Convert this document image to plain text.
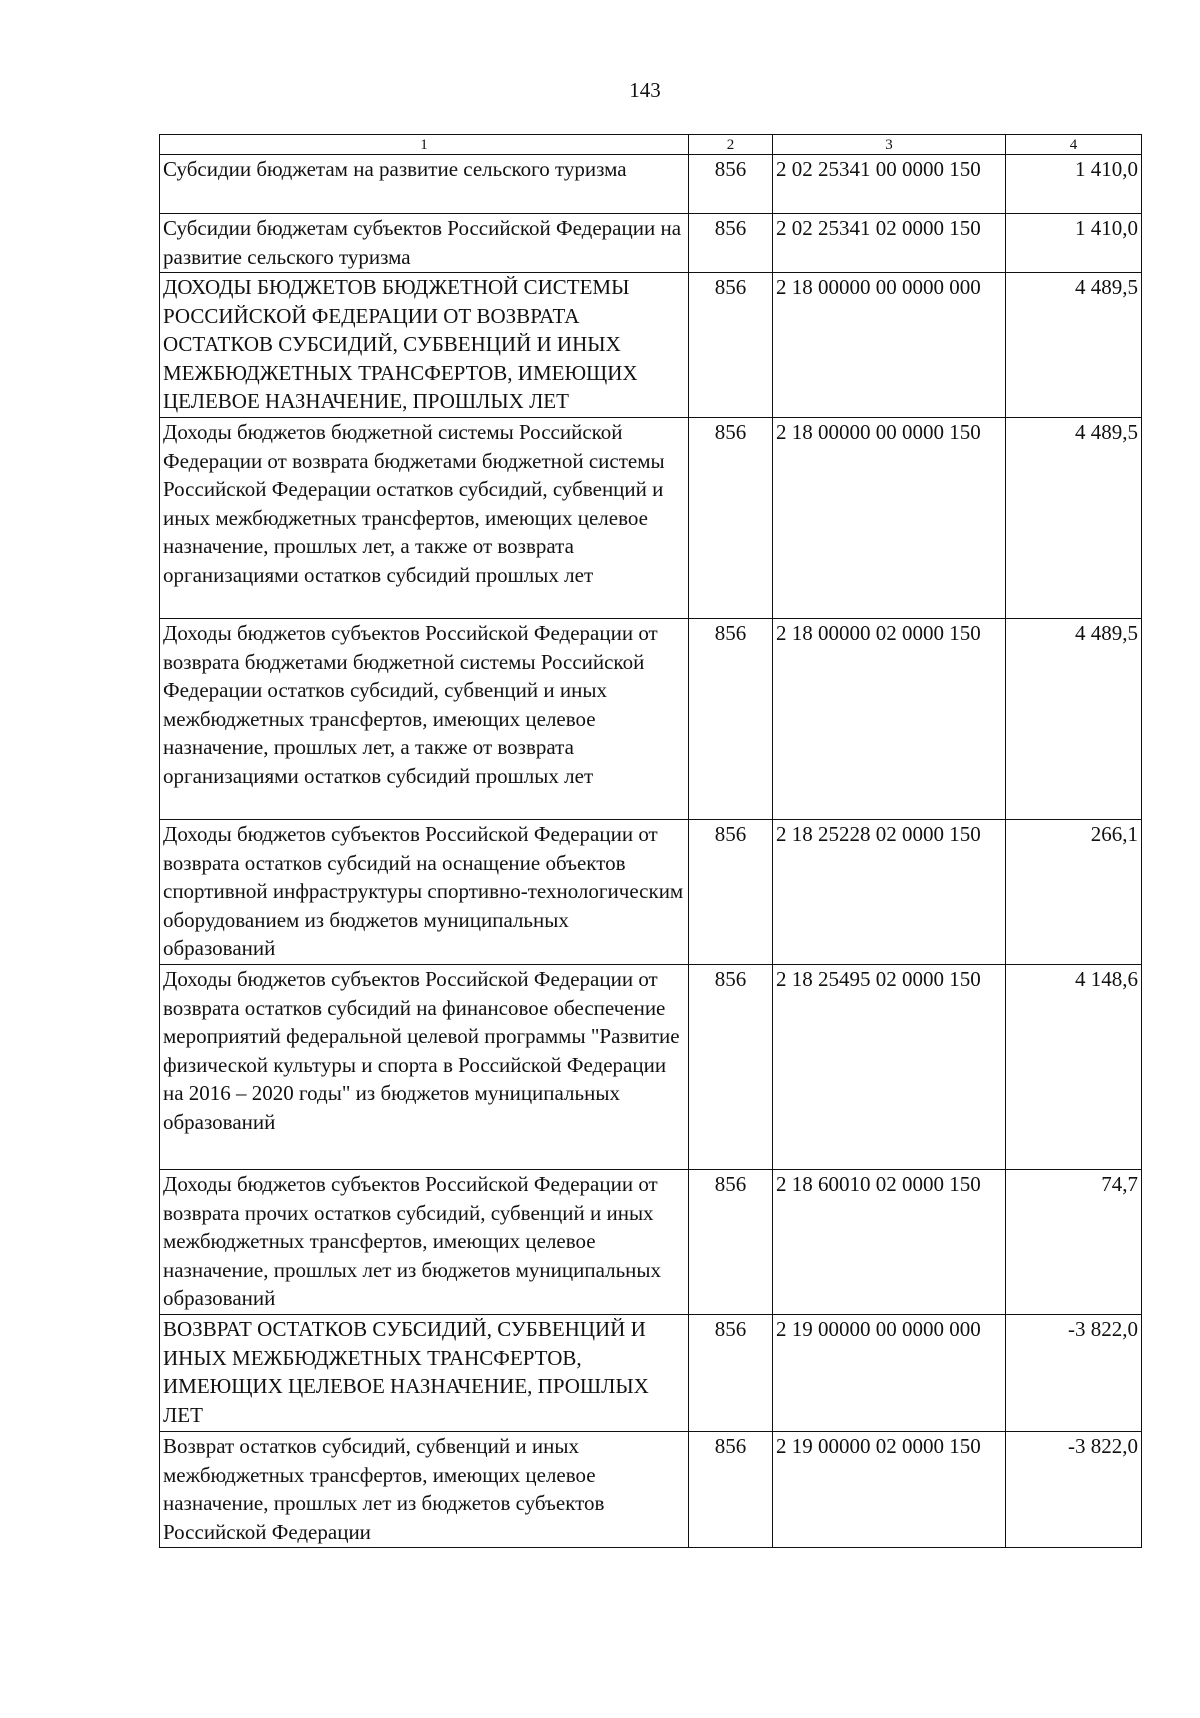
143
1	2	3	4
Субсидии бюджетам на развитие сельского туризма	856	2 02 25341 00 0000 150	1 410,0
Субсидии бюджетам субъектов Российской Федерации на развитие сельского туризма	856	2 02 25341 02 0000 150	1 410,0
ДОХОДЫ БЮДЖЕТОВ БЮДЖЕТНОЙ СИСТЕМЫ РОССИЙСКОЙ ФЕДЕРАЦИИ ОТ ВОЗВРАТА ОСТАТКОВ СУБСИДИЙ, СУБВЕНЦИЙ И ИНЫХ МЕЖБЮДЖЕТНЫХ ТРАНСФЕРТОВ, ИМЕЮЩИХ ЦЕЛЕВОЕ НАЗНАЧЕНИЕ, ПРОШЛЫХ ЛЕТ	856	2 18 00000 00 0000 000	4 489,5
Доходы бюджетов бюджетной системы Российской Федерации от возврата бюджетами бюджетной системы Российской Федерации остатков субсидий, субвенций и иных межбюджетных трансфертов, имеющих целевое назначение, прошлых лет, а также от возврата организациями остатков субсидий прошлых лет	856	2 18 00000 00 0000 150	4 489,5
Доходы бюджетов субъектов Российской Федерации от возврата бюджетами бюджетной системы Российской Федерации остатков субсидий, субвенций и иных межбюджетных трансфертов, имеющих целевое назначение, прошлых лет, а также от возврата организациями остатков субсидий прошлых лет	856	2 18 00000 02 0000 150	4 489,5
Доходы бюджетов субъектов Российской Федерации от возврата остатков субсидий на оснащение объектов спортивной инфраструктуры спортивно-технологическим оборудованием из бюджетов муниципальных образований	856	2 18 25228 02 0000 150	266,1
Доходы бюджетов субъектов Российской Федерации от возврата остатков субсидий на финансовое обеспечение мероприятий федеральной целевой программы "Развитие физической культуры и спорта в Российской Федерации на 2016 – 2020 годы" из бюджетов муниципальных образований	856	2 18 25495 02 0000 150	4 148,6
Доходы бюджетов субъектов Российской Федерации от возврата прочих остатков субсидий, субвенций и иных межбюджетных трансфертов, имеющих целевое назначение, прошлых лет из бюджетов муниципальных образований	856	2 18 60010 02 0000 150	74,7
ВОЗВРАТ ОСТАТКОВ СУБСИДИЙ, СУБВЕНЦИЙ И ИНЫХ МЕЖБЮДЖЕТНЫХ ТРАНСФЕРТОВ, ИМЕЮЩИХ ЦЕЛЕВОЕ НАЗНАЧЕНИЕ, ПРОШЛЫХ ЛЕТ	856	2 19 00000 00 0000 000	-3 822,0
Возврат остатков субсидий, субвенций и иных межбюджетных трансфертов, имеющих целевое назначение, прошлых лет из бюджетов субъектов Российской Федерации	856	2 19 00000 02 0000 150	-3 822,0
